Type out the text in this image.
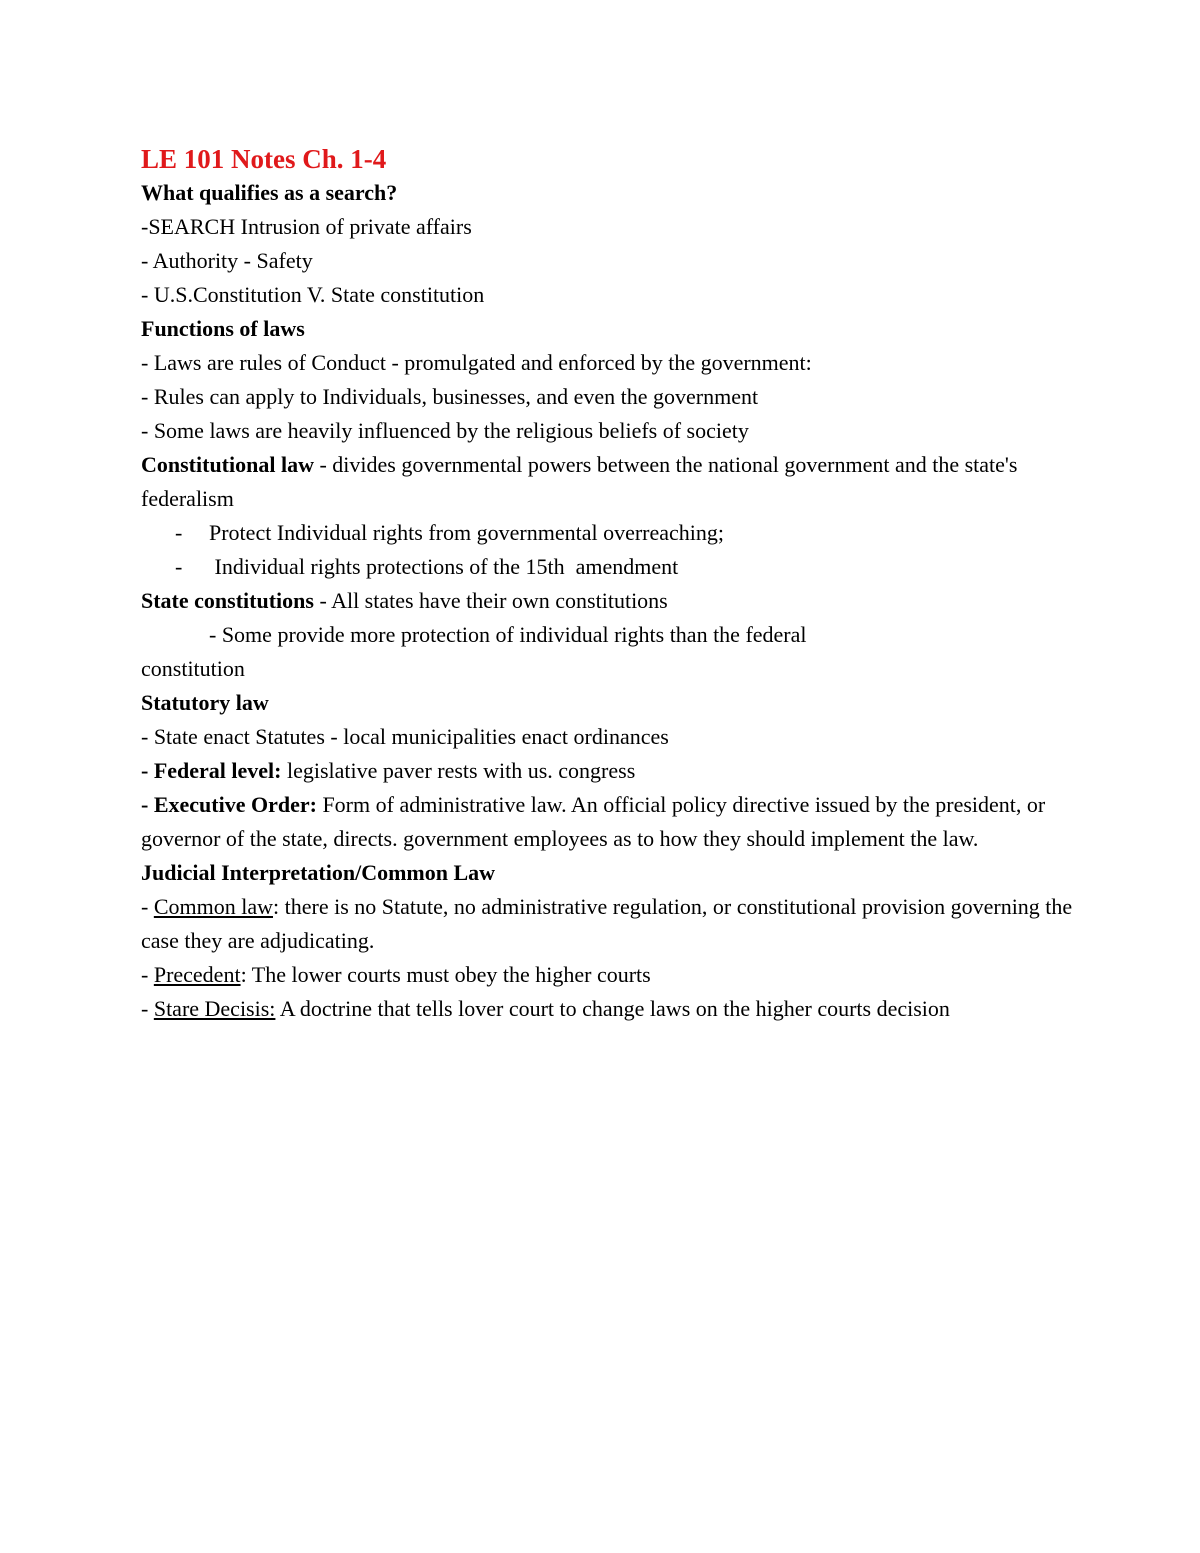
LE 101 Notes Ch. 1-4
What qualifies as a search?
-SEARCH Intrusion of private affairs
- Authority - Safety
- U.S.Constitution V. State constitution
Functions of laws
- Laws are rules of Conduct - promulgated and enforced by the government:
- Rules can apply to Individuals, businesses, and even the government
- Some laws are heavily influenced by the religious beliefs of society
Constitutional law - divides governmental powers between the national government and the state's federalism
- Protect Individual rights from governmental overreaching;
- Individual rights protections of the 15th  amendment
State constitutions - All states have their own constitutions
- Some provide more protection of individual rights than the federal
constitution
Statutory law
- State enact Statutes - local municipalities enact ordinances
- Federal level: legislative paver rests with us. congress
- Executive Order: Form of administrative law. An official policy directive issued by the president, or governor of the state, directs. government employees as to how they should implement the law.
Judicial Interpretation/Common Law
- Common law: there is no Statute, no administrative regulation, or constitutional provision governing the case they are adjudicating.
- Precedent: The lower courts must obey the higher courts
- Stare Decisis: A doctrine that tells lover court to change laws on the higher courts decision
